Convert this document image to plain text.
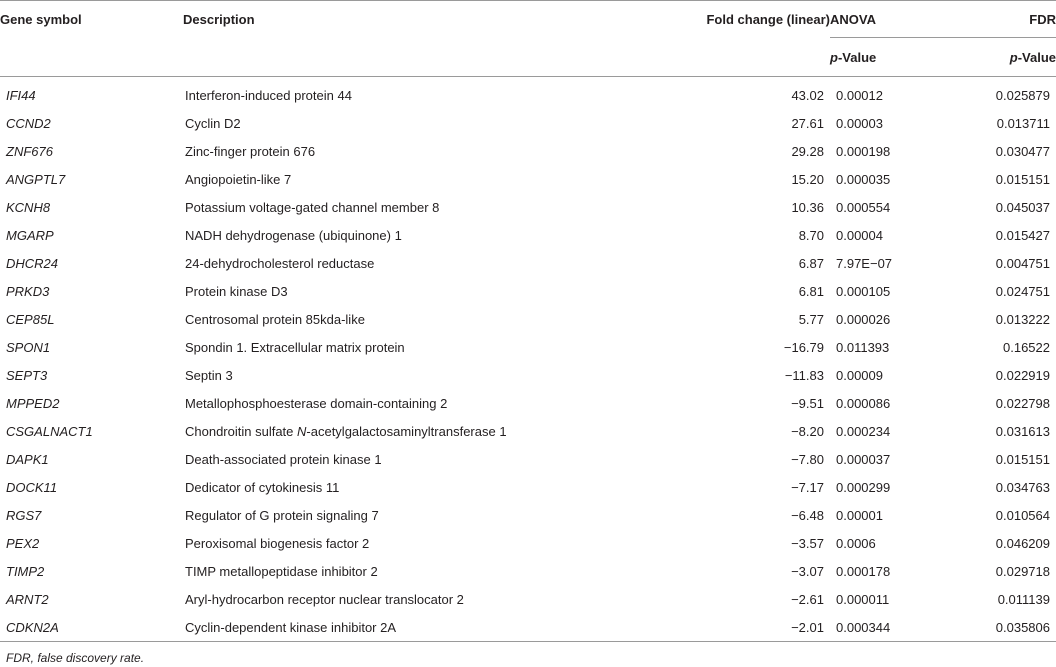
Gene symbol	Description	Fold change (linear)	ANOVA	FDR
			p-Value	p-Value
IFI44	Interferon-induced protein 44	43.02	0.00012	0.025879
CCND2	Cyclin D2	27.61	0.00003	0.013711
ZNF676	Zinc-finger protein 676	29.28	0.000198	0.030477
ANGPTL7	Angiopoietin-like 7	15.20	0.000035	0.015151
KCNH8	Potassium voltage-gated channel member 8	10.36	0.000554	0.045037
MGARP	NADH dehydrogenase (ubiquinone) 1	8.70	0.00004	0.015427
DHCR24	24-dehydrocholesterol reductase	6.87	7.97E−07	0.004751
PRKD3	Protein kinase D3	6.81	0.000105	0.024751
CEP85L	Centrosomal protein 85kda-like	5.77	0.000026	0.013222
SPON1	Spondin 1. Extracellular matrix protein	−16.79	0.011393	0.16522
SEPT3	Septin 3	−11.83	0.00009	0.022919
MPPED2	Metallophosphoesterase domain-containing 2	−9.51	0.000086	0.022798
CSGALNACT1	Chondroitin sulfate N-acetylgalactosaminyltransferase 1	−8.20	0.000234	0.031613
DAPK1	Death-associated protein kinase 1	−7.80	0.000037	0.015151
DOCK11	Dedicator of cytokinesis 11	−7.17	0.000299	0.034763
RGS7	Regulator of G protein signaling 7	−6.48	0.00001	0.010564
PEX2	Peroxisomal biogenesis factor 2	−3.57	0.0006	0.046209
TIMP2	TIMP metallopeptidase inhibitor 2	−3.07	0.000178	0.029718
ARNT2	Aryl-hydrocarbon receptor nuclear translocator 2	−2.61	0.000011	0.011139
CDKN2A	Cyclin-dependent kinase inhibitor 2A	−2.01	0.000344	0.035806
FDR, false discovery rate.
